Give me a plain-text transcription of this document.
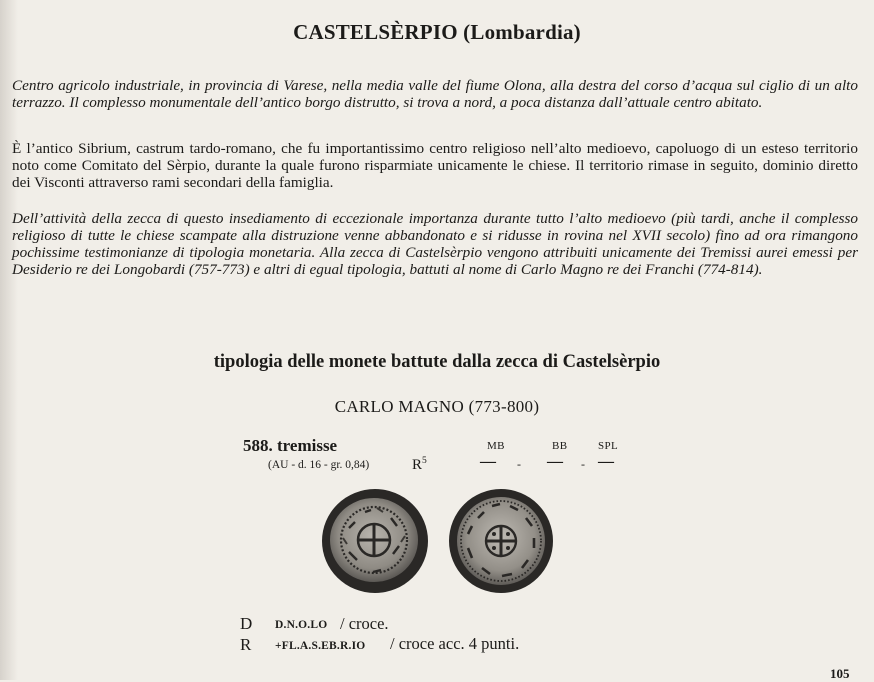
CASTELSÈRPIO (Lombardia)

Centro agricolo industriale, in provincia di Varese, nella media valle del fiume Olona, alla destra del corso d’acqua sul ciglio di un alto terrazzo. Il complesso monumentale dell’antico borgo distrutto, si trova a nord, a poca distanza dall’attuale centro abitato.

È l’antico Sibrium, castrum tardo-romano, che fu importantissimo centro religioso nell’alto medioevo, capoluogo di un esteso territorio noto come Comitato del Sèrpio, durante la quale furono risparmiate unicamente le chiese. Il territorio rimase in seguito, dominio diretto dei Visconti attraverso rami secondari della famiglia.

Dell’attività della zecca di questo insediamento di eccezionale importanza durante tutto l’alto medioevo (più tardi, anche il complesso religioso di tutte le chiese scampate alla distruzione venne abbandonato e si ridusse in rovina nel XVII secolo) fino ad ora rimangono pochissime testimonianze di tipologia monetaria. Alla zecca di Castelsèrpio vengono attribuiti unicamente dei Tremissi aurei emessi per Desiderio re dei Longobardi (757-773) e altri di egual tipologia, battuti al nome di Carlo Magno re dei Franchi (774-814).

tipologia delle monete battute dalla zecca di Castelsèrpio
CARLO MAGNO (773-800)
588. tremisse
(AU - d. 16 - gr. 0,84)	$R^5$
MB	BB	SPL
— - — - —
D D.N.O.LO / croce.
R +FL.A.S.EB.R.IO / croce acc. 4 punti.
105
